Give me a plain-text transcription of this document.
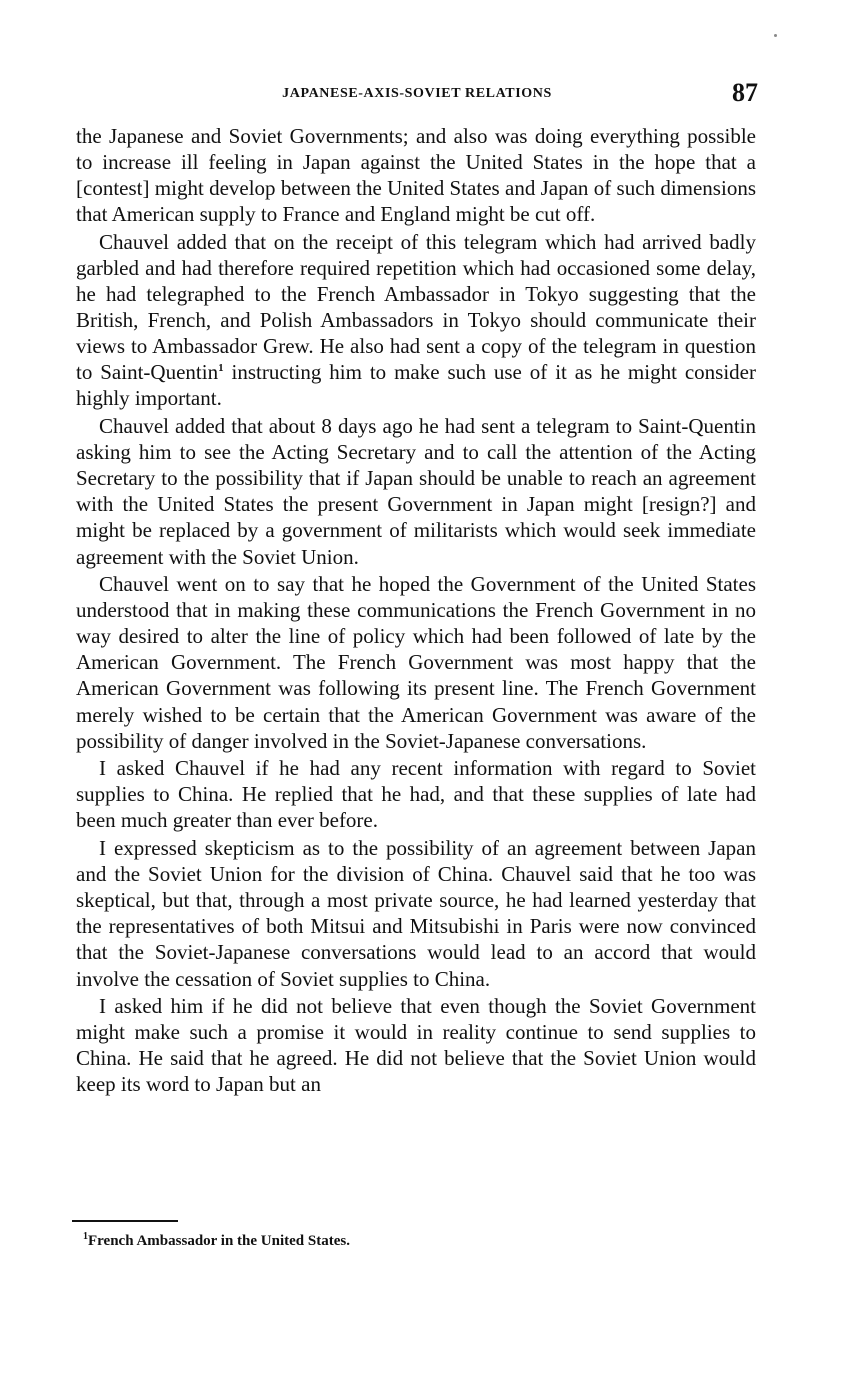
JAPANESE-AXIS-SOVIET RELATIONS	87

the Japanese and Soviet Governments; and also was doing everything possible to increase ill feeling in Japan against the United States in the hope that a [contest] might develop between the United States and Japan of such dimensions that American supply to France and England might be cut off.

Chauvel added that on the receipt of this telegram which had arrived badly garbled and had therefore required repetition which had occasioned some delay, he had telegraphed to the French Ambassador in Tokyo suggesting that the British, French, and Polish Ambassadors in Tokyo should communicate their views to Ambassador Grew. He also had sent a copy of the telegram in question to Saint-Quentin$^1$ instructing him to make such use of it as he might consider highly important.

Chauvel added that about 8 days ago he had sent a telegram to Saint-Quentin asking him to see the Acting Secretary and to call the attention of the Acting Secretary to the possibility that if Japan should be unable to reach an agreement with the United States the present Government in Japan might [resign?] and might be replaced by a government of militarists which would seek immediate agreement with the Soviet Union.

Chauvel went on to say that he hoped the Government of the United States understood that in making these communications the French Government in no way desired to alter the line of policy which had been followed of late by the American Government. The French Government was most happy that the American Government was following its present line. The French Government merely wished to be certain that the American Government was aware of the possibility of danger involved in the Soviet-Japanese conversations.

I asked Chauvel if he had any recent information with regard to Soviet supplies to China. He replied that he had, and that these supplies of late had been much greater than ever before.

I expressed skepticism as to the possibility of an agreement between Japan and the Soviet Union for the division of China. Chauvel said that he too was skeptical, but that, through a most private source, he had learned yesterday that the representatives of both Mitsui and Mitsubishi in Paris were now convinced that the Soviet-Japanese conversations would lead to an accord that would involve the cessation of Soviet supplies to China.

I asked him if he did not believe that even though the Soviet Government might make such a promise it would in reality continue to send supplies to China. He said that he agreed. He did not believe that the Soviet Union would keep its word to Japan but an

$^1$French Ambassador in the United States.
